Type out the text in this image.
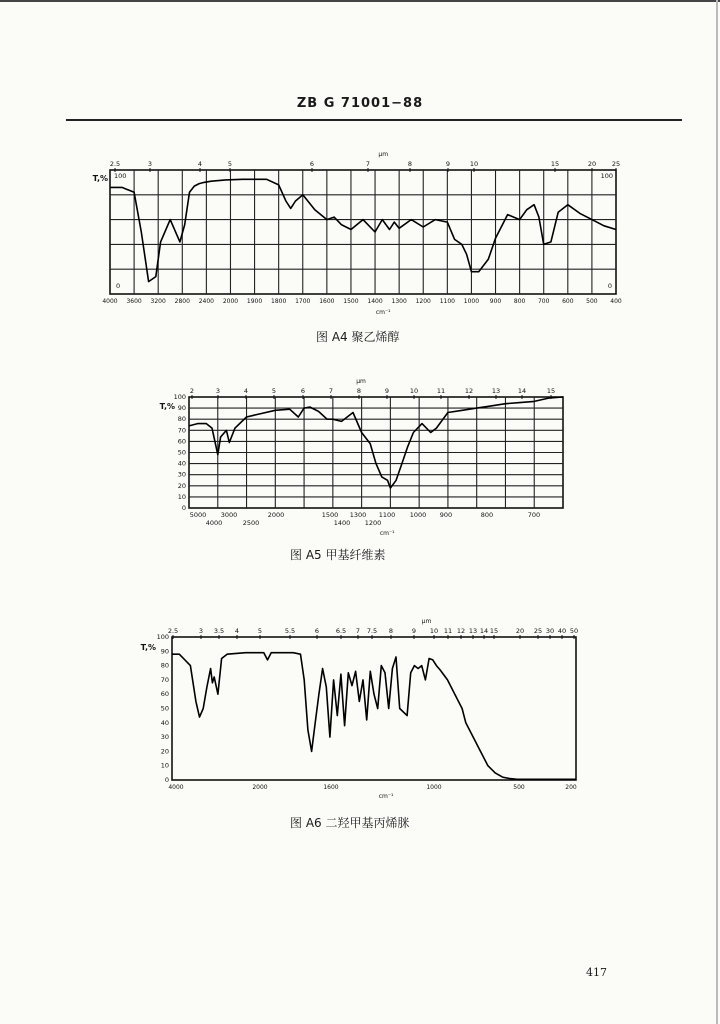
ZB G 71001−88
4000 3600 3200 2800 2400 2000 1900 1800 1700 1600 1500 1400 1300 1200 1100 1000 900 800 700 600 500 400
2.5	3	4	5	6	7	8	9	10	15	20 25
μm
cm⁻¹
T,% 100	100
0	0
图 A4 聚乙烯醇
5000 3000	2000	1500 1300 1100 1000 900	800	700
4000	2500	1400 1200
2	3	4	5	6	7	8	9	10	11	12	13	14	15
μm
cm⁻¹
T,%
100
90
80
70
60
50
40
30
20
10
0
图 A5 甲基纤维素
4000	2000	1600	1000	500	200
2.5	3 3.5 4	5	5.5	6	6.5 7 7.5 8	9 10 11 12 13 14 15	20 25 30 40 50
μm
cm⁻¹
T,%
100
90
80
70
60
50
40
30
20
10
0
图 A6 二羟甲基丙烯脒
417
